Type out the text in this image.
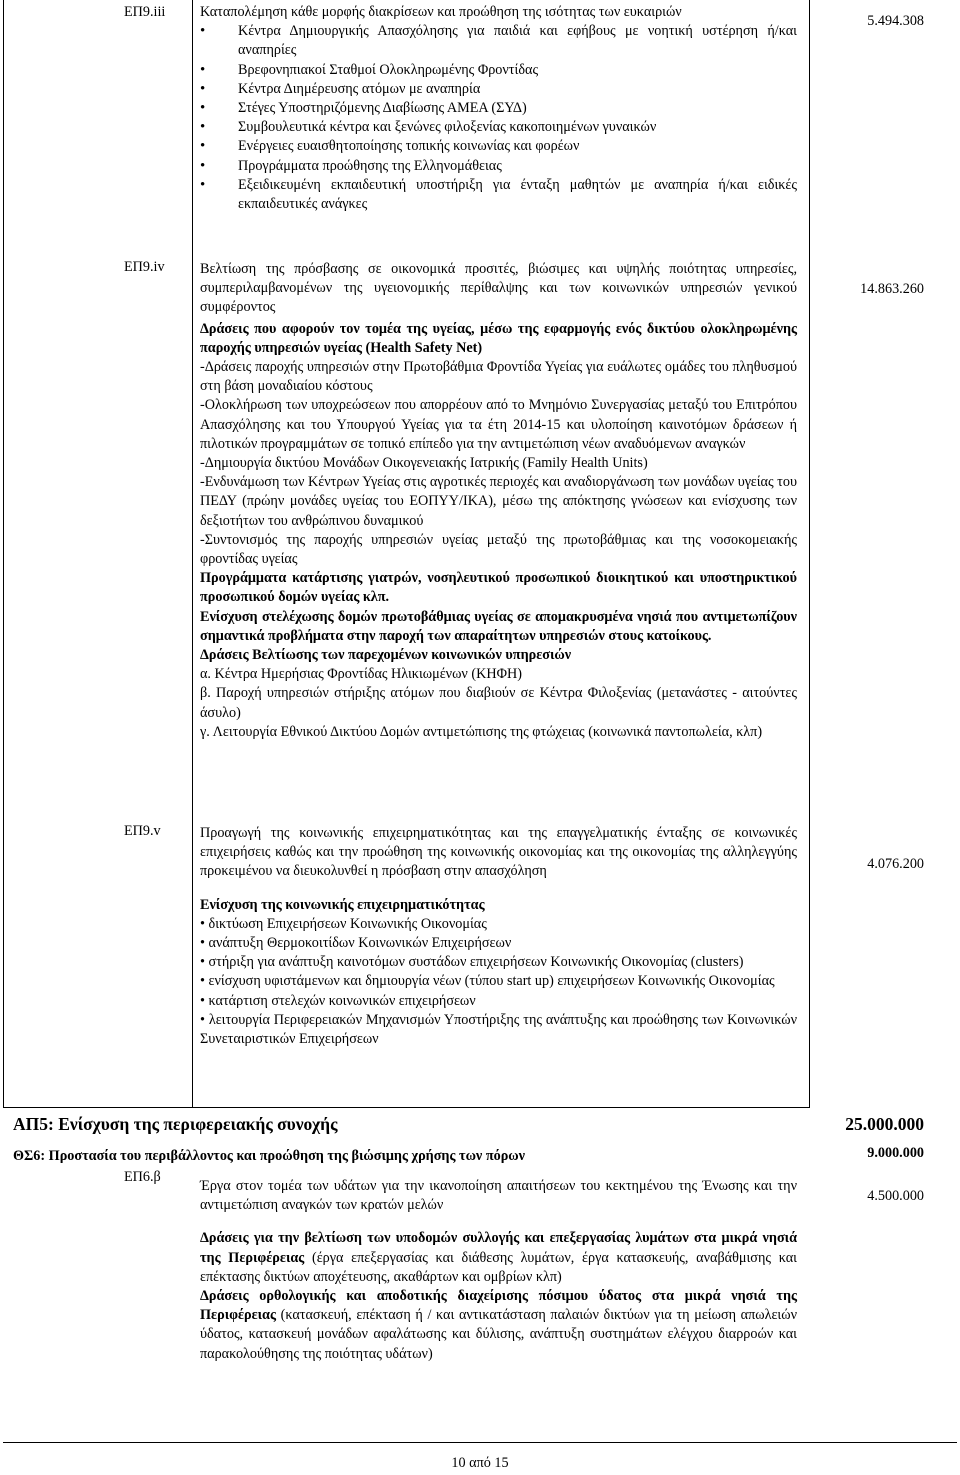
ΕΠ9.iii
5.494.308

Καταπολέμηση κάθε μορφής διακρίσεων και προώθηση της ισότητας των ευκαιριών

• Κέντρα Δημιουργικής Απασχόλησης για παιδιά και εφήβους με νοητική υστέρηση ή/και αναπηρίες
• Βρεφονηπιακοί Σταθμοί Ολοκληρωμένης Φροντίδας
• Κέντρα Διημέρευσης ατόμων με αναπηρία
• Στέγες Υποστηριζόμενης Διαβίωσης ΑΜΕΑ (ΣΥΔ)
• Συμβουλευτικά κέντρα και ξενώνες φιλοξενίας κακοποιημένων γυναικών
• Ενέργειες ευαισθητοποίησης τοπικής κοινωνίας και φορέων
• Προγράμματα προώθησης της Ελληνομάθειας
• Εξειδικευμένη εκπαιδευτική υποστήριξη για ένταξη μαθητών με αναπηρία ή/και ειδικές εκπαιδευτικές ανάγκες
ΕΠ9.iv
14.863.260

Βελτίωση της πρόσβασης σε οικονομικά προσιτές, βιώσιμες και υψηλής ποιότητας υπηρεσίες, συμπεριλαμβανομένων της υγειονομικής περίθαλψης και των κοινωνικών υπηρεσιών γενικού συμφέροντος

Δράσεις που αφορούν τον τομέα της υγείας, μέσω της εφαρμογής ενός δικτύου ολοκληρωμένης παροχής υπηρεσιών υγείας (Health Safety Net)

-Δράσεις παροχής υπηρεσιών στην Πρωτοβάθμια Φροντίδα Υγείας για ευάλωτες ομάδες του πληθυσμού στη βάση μοναδιαίου κόστους

-Ολοκλήρωση των υποχρεώσεων που απορρέουν από το Μνημόνιο Συνεργασίας μεταξύ του Επιτρόπου Απασχόλησης και του Υπουργού Υγείας για τα έτη 2014-15 και υλοποίηση καινοτόμων δράσεων ή πιλοτικών προγραμμάτων σε τοπικό επίπεδο για την αντιμετώπιση νέων αναδυόμενων αναγκών

-Δημιουργία δικτύου Μονάδων Οικογενειακής Ιατρικής (Family Health Units)

-Ενδυνάμωση των Κέντρων Υγείας στις αγροτικές περιοχές και αναδιοργάνωση των μονάδων υγείας του ΠΕΔΥ (πρώην μονάδες υγείας του ΕΟΠΥΥ/ΙΚΑ), μέσω της απόκτησης γνώσεων και ενίσχυσης των δεξιοτήτων του ανθρώπινου δυναμικού

-Συντονισμός της παροχής υπηρεσιών υγείας μεταξύ της πρωτοβάθμιας και της νοσοκομειακής φροντίδας υγείας

Προγράμματα κατάρτισης γιατρών, νοσηλευτικού προσωπικού διοικητικού και υποστηρικτικού προσωπικού δομών υγείας κλπ.

Ενίσχυση στελέχωσης δομών πρωτοβάθμιας υγείας σε απομακρυσμένα νησιά που αντιμετωπίζουν σημαντικά προβλήματα στην παροχή των απαραίτητων υπηρεσιών στους κατοίκους.

Δράσεις Βελτίωσης των παρεχομένων κοινωνικών υπηρεσιών

α. Κέντρα Ημερήσιας Φροντίδας Ηλικιωμένων (ΚΗΦΗ)

β. Παροχή υπηρεσιών στήριξης ατόμων που διαβιούν σε Κέντρα Φιλοξενίας (μετανάστες - αιτούντες άσυλο)

γ. Λειτουργία Εθνικού Δικτύου Δομών αντιμετώπισης της φτώχειας (κοινωνικά παντοπωλεία, κλπ)

ΕΠ9.v
4.076.200

Προαγωγή της κοινωνικής επιχειρηματικότητας και της επαγγελματικής ένταξης σε κοινωνικές επιχειρήσεις καθώς και την προώθηση της κοινωνικής οικονομίας και της οικονομίας της αλληλεγγύης προκειμένου να διευκολυνθεί η πρόσβαση στην απασχόληση

Ενίσχυση της κοινωνικής επιχειρηματικότητας

• δικτύωση Επιχειρήσεων Κοινωνικής Οικονομίας

• ανάπτυξη Θερμοκοιτίδων Κοινωνικών Επιχειρήσεων

• στήριξη για ανάπτυξη καινοτόμων συστάδων επιχειρήσεων Κοινωνικής Οικονομίας (clusters)

• ενίσχυση υφιστάμενων και δημιουργία νέων (τύπου start up) επιχειρήσεων Κοινωνικής Οικονομίας

• κατάρτιση στελεχών κοινωνικών επιχειρήσεων

• λειτουργία Περιφερειακών Μηχανισμών Υποστήριξης της ανάπτυξης και προώθησης των Κοινωνικών Συνεταιριστικών Επιχειρήσεων

ΑΠ5: Ενίσχυση της περιφερειακής συνοχής	25.000.000
ΘΣ6: Προστασία του περιβάλλοντος και προώθηση της βιώσιμης χρήσης των πόρων	9.000.000
ΕΠ6.β
4.500.000

Έργα στον τομέα των υδάτων για την ικανοποίηση απαιτήσεων του κεκτημένου της Ένωσης και την αντιμετώπιση αναγκών των κρατών μελών

Δράσεις για την βελτίωση των υποδομών συλλογής και επεξεργασίας λυμάτων στα μικρά νησιά της Περιφέρειας (έργα επεξεργασίας και διάθεσης λυμάτων, έργα κατασκευής, αναβάθμισης και επέκτασης δικτύων αποχέτευσης, ακαθάρτων και ομβρίων κλπ)

Δράσεις ορθολογικής και αποδοτικής διαχείρισης πόσιμου ύδατος στα μικρά νησιά της Περιφέρειας (κατασκευή, επέκταση ή / και αντικατάσταση παλαιών δικτύων για τη μείωση απωλειών ύδατος, κατασκευή μονάδων αφαλάτωσης και δύλισης, ανάπτυξη συστημάτων ελέγχου διαρροών και παρακολούθησης της ποιότητας υδάτων)

10 από 15
